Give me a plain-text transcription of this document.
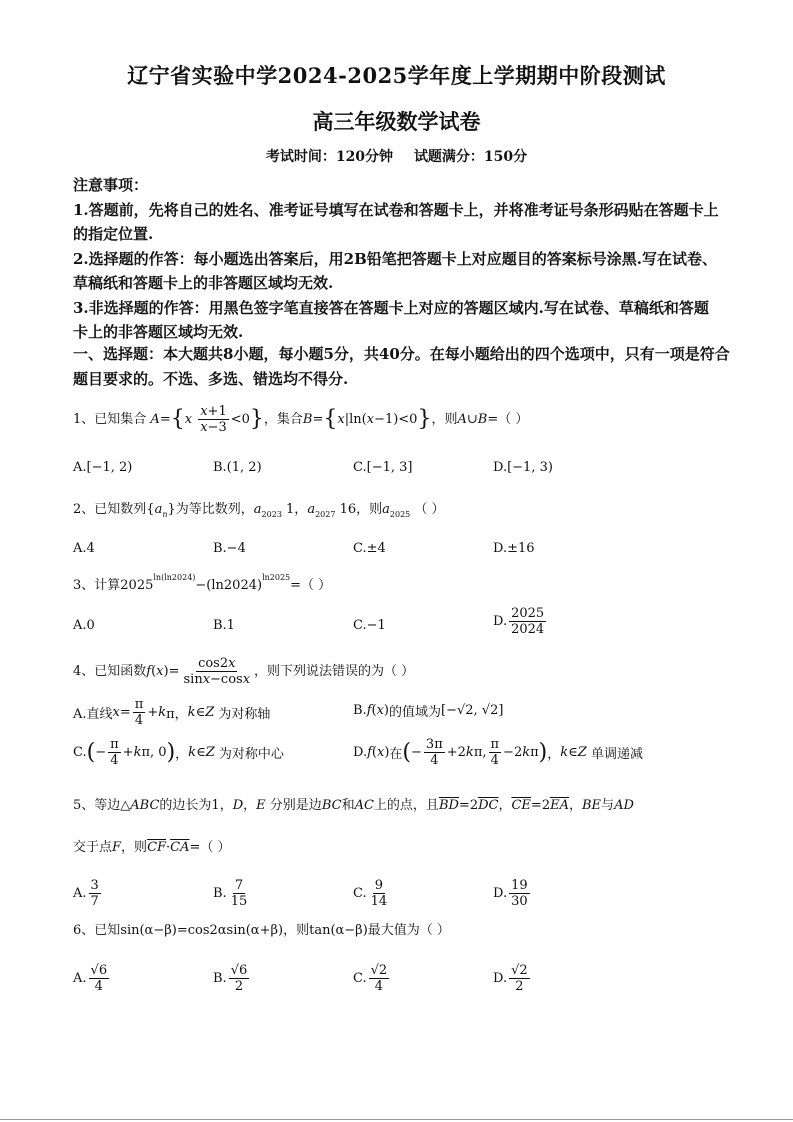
辽宁省实验中学2024-2025学年度上学期期中阶段测试
高三年级数学试卷
考试时间：120分钟 试题满分：150分

注意事项：

1.答题前，先将自己的姓名、准考证号填写在试卷和答题卡上，并将准考证号条形码贴在答题卡上的指定位置.

2.选择题的作答：每小题选出答案后，用2B铅笔把答题卡上对应题目的答案标号涂黑.写在试卷、草稿纸和答题卡上的非答题区域均无效.

3.非选择题的作答：用黑色签字笔直接答在答题卡上对应的答题区域内.写在试卷、草稿纸和答题卡上的非答题区域均无效.

一、选择题：本大题共8小题，每小题5分，共40分。在每小题给出的四个选项中，只有一项是符合题目要求的。不选、多选、错选均不得分.
1、已知集合 $A=\{x \frac{x+1}{x-3} <0\}$，集合B={x|ln(x−1)<0}，则A∪B=（ ）
A.[−1, 2)	B.(1, 2)	C.[−1, 3]	D.[−1, 3)
2、已知数列$\{a_n\}$为等比数列，$a_{2023}$ 1，$a_{2027}$ 16，则$a_{2025}$ （ ）
A.4	B.−4	C.±4	D.±16
3、计算$2025^{ln(ln2024)}-(\ln 2024)^{ln2025}=$（ ）
A.0	B.1	C.−1	D. $\frac{2025}{2024}$
4、已知函数$f(x)= \frac{\cos 2x}{\sin x-\cos x}$ ，则下列说法错误的为（ ）
A.直线 $x = \frac{\pi}{4} + k$ π， k ∈ Z
为对称轴	B. f ( x ) 的值域为 [−√2, √2]
C. ( − $\frac{\pi}{4} + k$ π, 0 ) ， k ∈ Z
为对称中心	D. f ( x ) 在 ( − $\frac{3\pi}{4} +2$ k π, $\frac{\pi}{4} -2$ k π ) ， k ∈ Z
单调递减
5、等边△ABC的边长为1，D，E 分别是边BC和AC上的点，且$\overline{BD}=2\overline{DC}$，$\overline{CE}=2\overline{EA}$，BE与AD
交于点F，则$\overline{CF}\cdot\overline{CA}=$（ ）
A. $\frac{3}{7}$	B. $\frac{7}{15}$	C. $\frac{9}{14}$	D. $\frac{19}{30}$
6、已知sin(α−β)=cos2αsin(α+β)，则tan(α−β)最大值为（ ）
A. $\frac{√6}{4}$	B. $\frac{√6}{2}$	C. $\frac{√2}{4}$	D. $\frac{√2}{2}$
